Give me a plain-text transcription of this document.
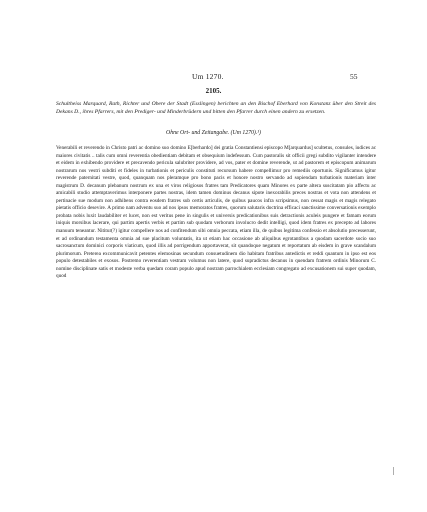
Um 1270.	55
2105.
Schultheiss Marquard, Rath, Richter und Obere der Stadt (Esslingen) berichten an den Bischof Eberhard von Konstanz über den Streit des Dekans D., ihres Pfarrers, mit den Prediger- und Minderbrüdern und bitten den Pfarrer durch einen andern zu ersetzen.
Ohne Ort- und Zeitangabe. (Um 1270).¹)
Venerabili et reverendo in Christo patri ac domino suo domino E[berhardo] dei gratia Constantiensi episcopo M[arquardus] scultetus, consules, iudices ac maiores civitatis .. talis cum omni reverentia obedientiam debitam et obsequium indefessum. Cum pastoralis sit officii gregi subdito vigilanter intendere et eidem in exhibendo providere et precavendo pericula salubriter providere, ad vos, pater et domine reverende, ut ad pastorem et episcopum animarum nostrarum nos vestri subditi et fideles in turbationis et periculis constituti recursum habere compellimur pro remediis oportunis. Significamus igitur reverende paternitati vestre, quod, quanquam nos pleramque pro bono pacis et honore nostro servando ad sopiendam turbationis materiam inter magistrum D. decanum plebanum nostrum ex una et viros religiosos fratres tam Predicatores quam Minores ex parte altera suscitatam pio affectu ac amicabili studio attemptaverimus interponere partes nostras, idem tamen dominus decanus sipote inexorabilis preces nostras et vota non attendens et pertinacie sue modum non adhibens contra eosdem fratres sub certis articulis, de quibus paucos infra scripsimus, non cessat magis et magis relegato pietatis officio desevire. A primo nam adventu suo ad nos ipsos memoratos fratres, quorum salutaris doctrina efficaci sanctissime conversationis exemplo probata nobis luxit laudabiliter et lucet, non est veritus pene in singulis et universis predicationibus suis detractionis aculeis pungere et famam eorum iniquis morsibus lacerare, qui partim apertis verbis et partim sub quodam verborum involucro dedit intelligi, quod idem fratres ex precepto ad labores manuum teneantur. Nititur(?) igitur compellere nos ad confitendum sibi omnia peccata, etiam illa, de quibus legitima confessio et absolutio precesserunt, et ad ordinandum testamenta omnia ad sue placitum voluntatis, ita ut etiam hac occasione ab aliquibus egrotantibus a quodam sacerdote socio suo sacrosanctum dominici corporis viaticum, quod illis ad porrigendum apportaverat, sit quandoque negatum et reportatum ab eisdem in grave scandalum plurimorum. Preterea excommunicavit petentes elemosinas secundum consuetudinem dio habitam fratribus antedictis et reddi quantum in ipso est eos populo detestabiles et exosos. Postremo reverentiam vestram volumus non latere, quod supradictus decanus in quendam fratrem ordinis Minorum C. nomine disciplinate satis et modeste verba quedam coram populo apud nostram parrochialem ecclesiam congregato ad excusationem sui super quodam, quod
|
